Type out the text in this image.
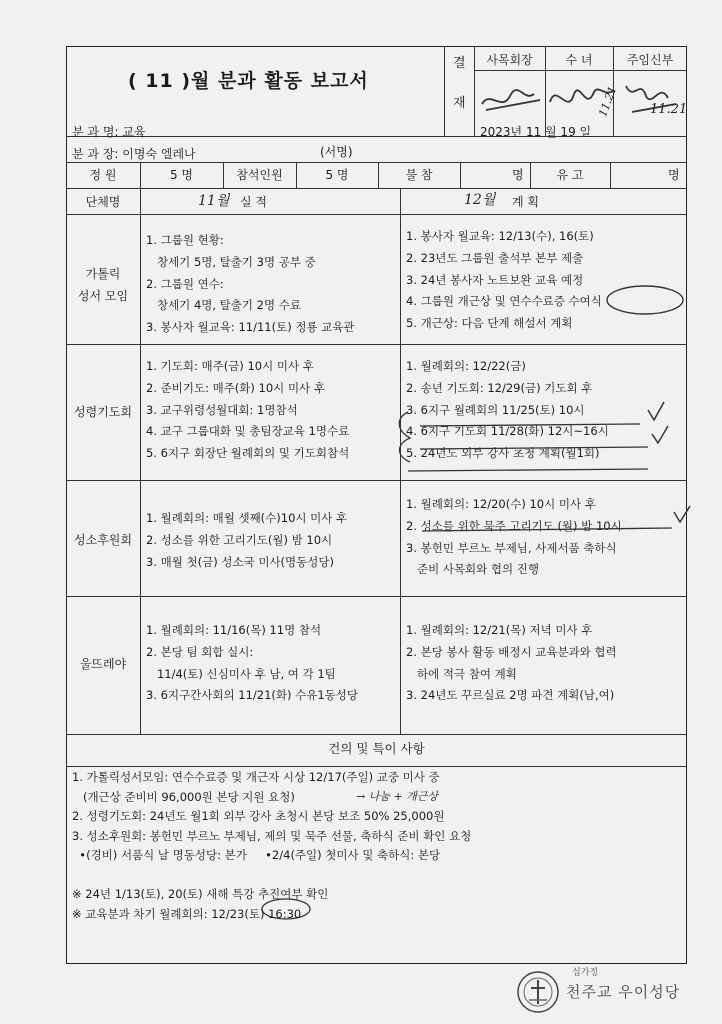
( 11 )월 분과 활동 보고서
결
재
사목회장	수 녀	주임신부
11.21 11.21
분 과 명: 교육	2023년 11 월 19 일
분 과 장: 이명숙 엘레나	(서명)
정 원	5 명	참석인원	5 명	불 참	명	유 고	명
단체명	11월 실 적	12월 계 획
가톨릭
성서 모임
1. 그룹원 현황:
창세기 5명, 탈출기 3명 공부 중
2. 그룹원 연수:
창세기 4명, 탈출기 2명 수료
3. 봉사자 월교육: 11/11(토) 정룡 교육관
1. 봉사자 월교육: 12/13(수), 16(토)
2. 23년도 그룹원 출석부 본부 제출
3. 24년 봉사자 노트보완 교육 예정
4. 그룹원 개근상 및 연수수료증 수여식
5. 개근상: 다음 단계 해설서 계획
성령기도회
1. 기도회: 매주(금) 10시 미사 후
2. 준비기도: 매주(화) 10시 미사 후
3. 교구위령성월대회: 1명참석
4. 교구 그룹대화 및 총팀장교육 1명수료
5. 6지구 회장단 월례회의 및 기도회참석
1. 월례회의: 12/22(금)
2. 송년 기도회: 12/29(금) 기도회 후
3. 6지구 월례회의 11/25(토) 10시
4. 6지구 기도회 11/28(화) 12시~16시
5. 24년도 외부 강사 초청 계획(월1회)
성소후원회
1. 월례회의: 매월 셋째(수)10시 미사 후
2. 성소를 위한 고리기도(월) 밤 10시
3. 매월 첫(금) 성소국 미사(명동성당)
1. 월례회의: 12/20(수) 10시 미사 후
2. 성소를 위한 묵주 고리기도 (월) 밤 10시
3. 봉헌민 부르노 부제님, 사제서품 축하식
준비 사목회와 협의 진행
울뜨레야
1. 월례회의: 11/16(목) 11명 참석
2. 본당 팀 회합 실시:
11/4(토) 신심미사 후 남, 여 각 1팀
3. 6지구간사회의 11/21(화) 수유1동성당
1. 월례회의: 12/21(목) 저녁 미사 후
2. 본당 봉사 활동 배정시 교육분과와 협력
하에 적극 참여 계획
3. 24년도 꾸르실료 2명 파견 계획(남,여)
건의 및 특이 사항
1. 가톨릭성서모임: 연수수료증 및 개근자 시상 12/17(주일) 교중 미사 중
(개근상 준비비 96,000원 본당 지원 요청)
2. 성령기도회: 24년도 월1회 외부 강사 초청시 본당 보조 50% 25,000원
3. 성소후원회: 봉헌민 부르노 부제님, 제의 및 묵주 선물, 축하식 준비 확인 요청
•(경비) 서품식 날 명동성당: 본가     •2/4(주일) 첫미사 및 축하식: 본당

※ 24년 1/13(토), 20(토) 새해 특강 추진여부 확인
※ 교육분과 차기 월례회의: 12/23(토) 16:30
→ 나눔 + 개근상
십가정
천주교 우이성당
